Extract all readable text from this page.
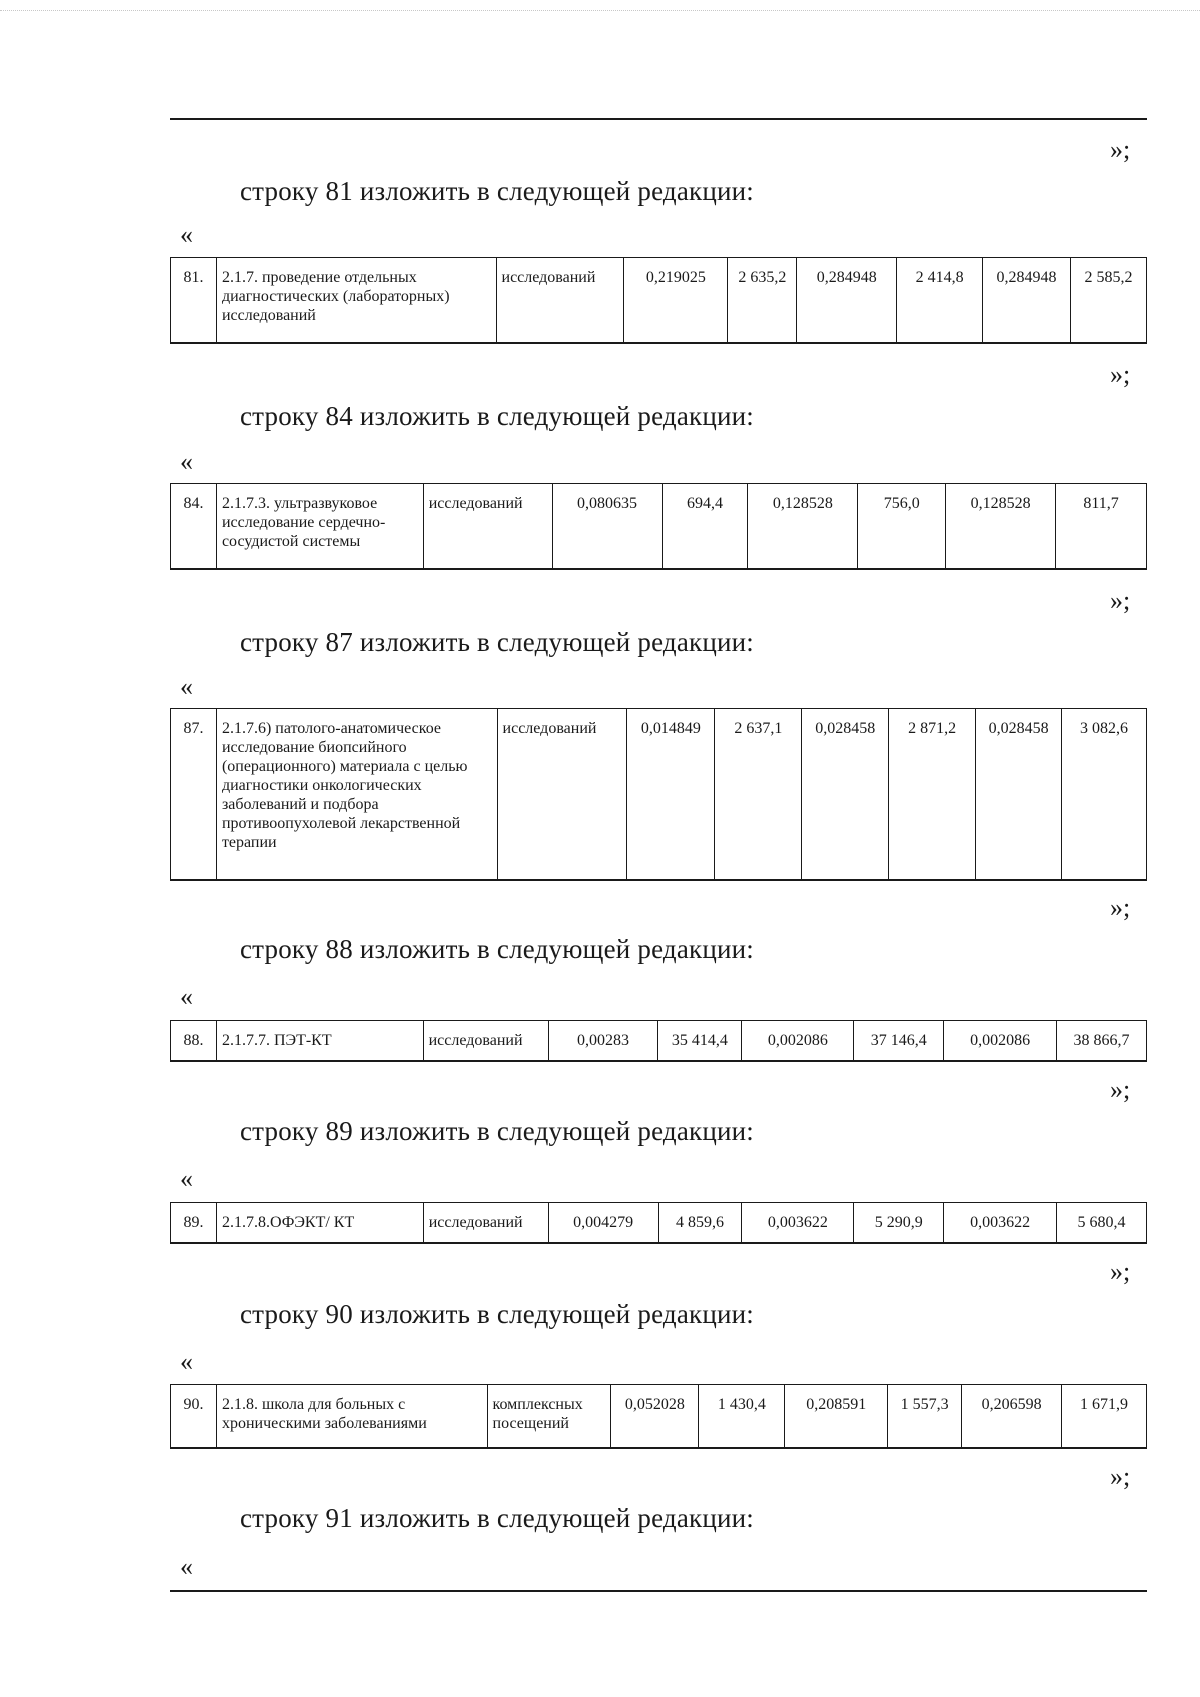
»;
строку 81 изложить в следующей редакции:
«
81.	2.1.7. проведение отдельных диагностических (лабораторных) исследований	исследований	0,219025	2 635,2	0,284948	2 414,8	0,284948	2 585,2
»;
строку 84 изложить в следующей редакции:
«
84.	2.1.7.3. ультразвуковое исследование сердечно-сосудистой системы	исследований	0,080635	694,4	0,128528	756,0	0,128528	811,7
»;
строку 87 изложить в следующей редакции:
«
87.	2.1.7.6) патолого-анатомическое исследование биопсийного (операционного) материала с целью диагностики онкологических заболеваний и подбора противоопухолевой лекарственной терапии	исследований	0,014849	2 637,1	0,028458	2 871,2	0,028458	3 082,6
»;
строку 88 изложить в следующей редакции:
«
88.	2.1.7.7. ПЭТ-КТ	исследований	0,00283	35 414,4	0,002086	37 146,4	0,002086	38 866,7
»;
строку 89 изложить в следующей редакции:
«
89.	2.1.7.8.ОФЭКТ/ КТ	исследований	0,004279	4 859,6	0,003622	5 290,9	0,003622	5 680,4
»;
строку 90 изложить в следующей редакции:
«
90.	2.1.8. школа для больных с хроническими заболеваниями	комплексных посещений	0,052028	1 430,4	0,208591	1 557,3	0,206598	1 671,9
»;
строку 91 изложить в следующей редакции:
«
